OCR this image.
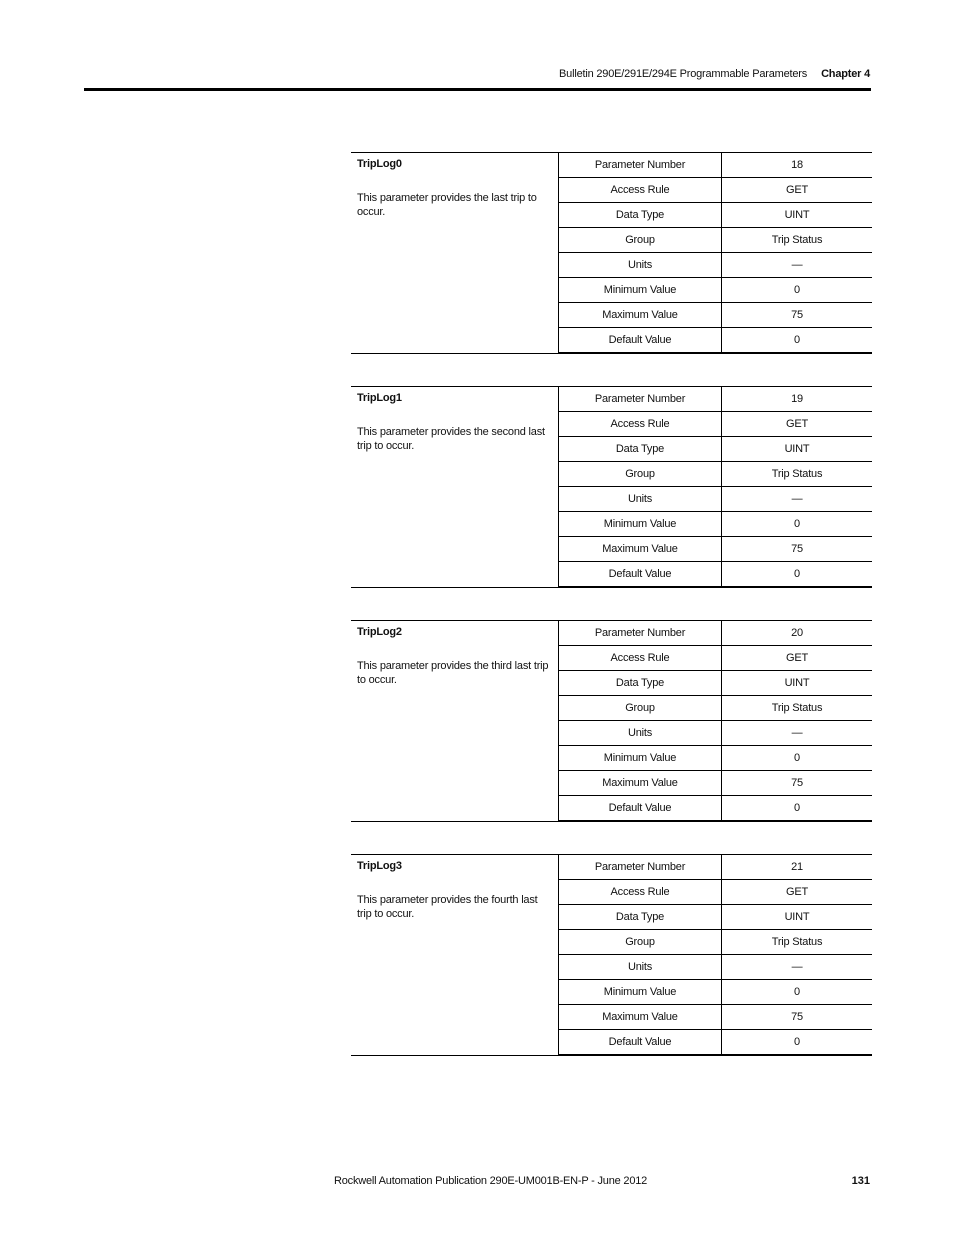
Bulletin 290E/291E/294E Programmable Parameters Chapter 4
TripLog0
This parameter provides the last trip to occur.	Parameter Number	18
	Access Rule	GET
	Data Type	UINT
	Group	Trip Status
	Units	—
	Minimum Value	0
	Maximum Value	75
	Default Value	0
TripLog1
This parameter provides the second last trip to occur.	Parameter Number	19
	Access Rule	GET
	Data Type	UINT
	Group	Trip Status
	Units	—
	Minimum Value	0
	Maximum Value	75
	Default Value	0
TripLog2
This parameter provides the third last trip to occur.	Parameter Number	20
	Access Rule	GET
	Data Type	UINT
	Group	Trip Status
	Units	—
	Minimum Value	0
	Maximum Value	75
	Default Value	0
TripLog3
This parameter provides the fourth last trip to occur.	Parameter Number	21
	Access Rule	GET
	Data Type	UINT
	Group	Trip Status
	Units	—
	Minimum Value	0
	Maximum Value	75
	Default Value	0
Rockwell Automation Publication 290E-UM001B-EN-P - June 2012	131
